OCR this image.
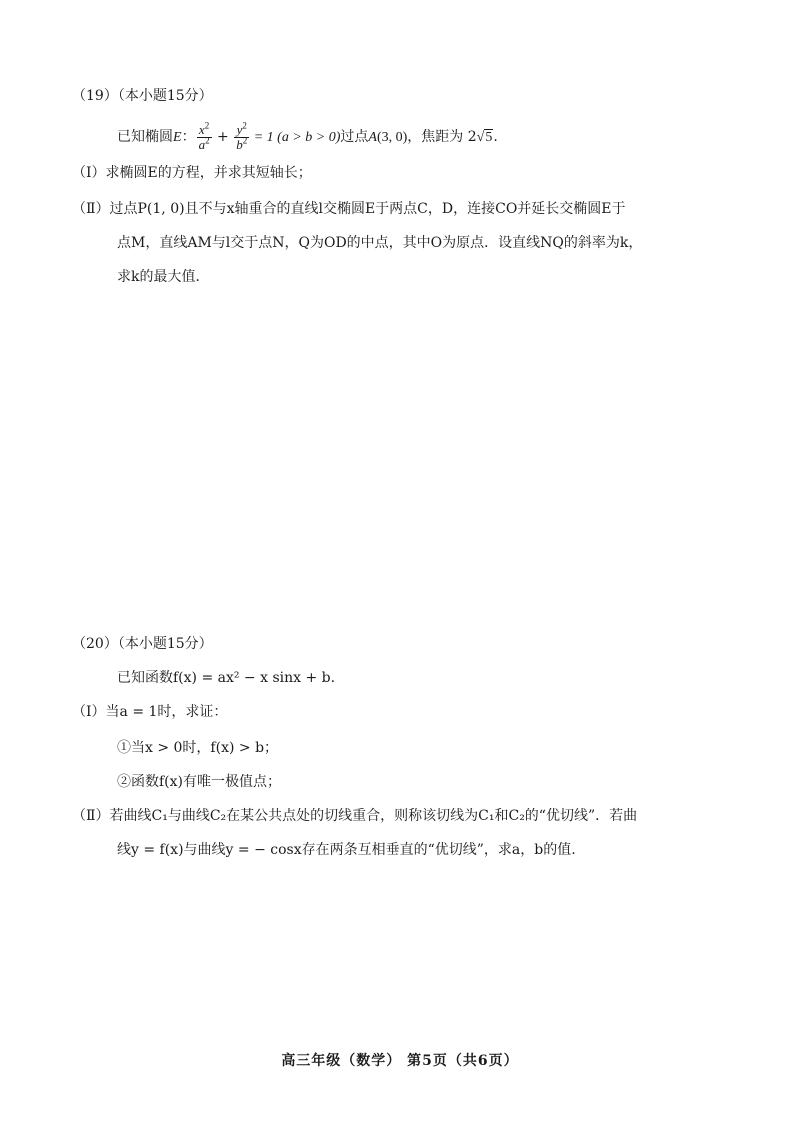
（19）（本小题15分）
已知椭圆E： $\frac{x^2}{a^2} + \frac{y^2}{b^2} = 1$ (a > b > 0)过点A(3, 0)，焦距为 2√5.
（Ⅰ）求椭圆E的方程，并求其短轴长；
（Ⅱ）过点P(1, 0)且不与x轴重合的直线l交椭圆E于两点C，D，连接CO并延长交椭圆E于
点M，直线AM与l交于点N，Q为OD的中点，其中O为原点．设直线NQ的斜率为k，
求k的最大值．
（20）（本小题15分）
已知函数f(x) = ax² − x sinx + b.
（Ⅰ）当a = 1时，求证：
①当x > 0时，f(x) > b；
②函数f(x)有唯一极值点；
（Ⅱ）若曲线C₁与曲线C₂在某公共点处的切线重合，则称该切线为C₁和C₂的“优切线”．若曲
线y = f(x)与曲线y = − cosx存在两条互相垂直的“优切线”，求a，b的值.
高三年级（数学） 第5页（共6页）
